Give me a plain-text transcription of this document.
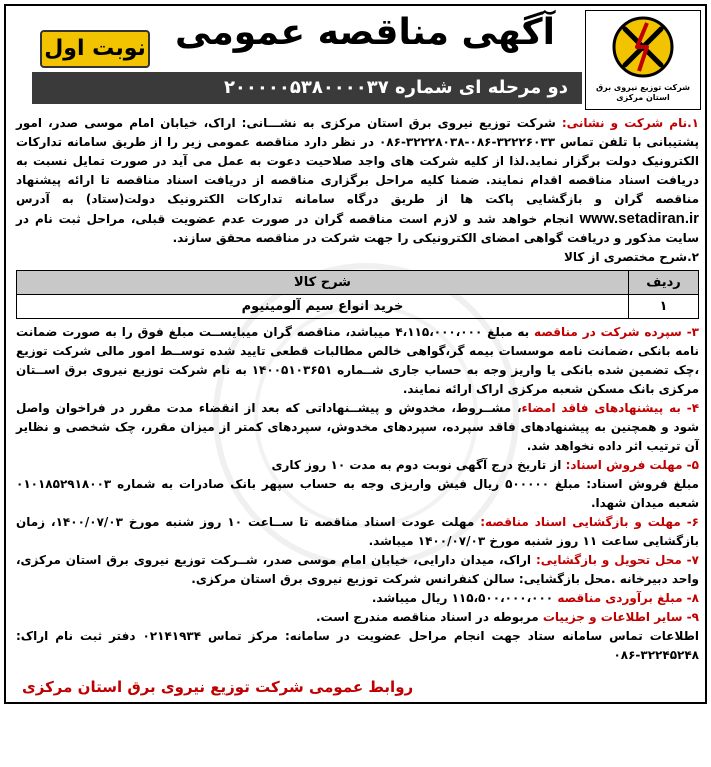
شرکت توزیع نیروی برق
استان مرکزی
آگهی مناقصه عمومی
نوبت اول
دو مرحله ای شماره ۲۰۰۰۰۰۵۳۸۰۰۰۰۳۷

۱.نام شرکت و نشانی: شرکت توزیع نیروی برق استان مرکزی به نشـــانی: اراک، خیابان امام موسی صدر، امور پشتیبانی با تلفن تماس ۳۲۲۲۶۰۳۳-۰۸۶-۳۲۲۲۸۰۳۸-۰۸۶ در نظر دارد مناقصه عمومی زیر را از طریق سامانه تدارکات الکترونیک دولت برگزار نماید.لذا از کلیه شرکت های واجد صلاحیت دعوت به عمل می آید در صورت تمایل نسبت به دریافت اسناد مناقصه اقدام نمایند. ضمنا کلیه مراحل برگزاری مناقصه از دریافت اسناد مناقصه تا ارائه پیشنهاد مناقصه گران و بازگشایی پاکت ها از طریق درگاه سامانه تدارکات الکترونیک دولت(ستاد) به آدرس www.setadiran.ir انجام خواهد شد و لازم است مناقصه گران در صورت عدم عضویت قبلی، مراحل ثبت نام در سایت مذکور و دریافت گواهی امضای الکترونیکی را جهت شرکت در مناقصه محقق سازند.

۲.شرح مختصری از کالا

ردیف	شرح کالا
۱	خرید انواع سیم آلومینیوم

۳- سپرده شرکت در مناقصه به مبلغ ۴،۱۱۵،۰۰۰،۰۰۰ میباشد، مناقصه گران میبایســت مبلغ فوق را به صورت ضمانت نامه بانکی ،ضمانت نامه موسسات بیمه گر،گواهی خالص مطالبات قطعی تایید شده توســط امور مالی شرکت توزیع ،چک تضمین شده بانکی یا واریز وجه به حساب جاری شــماره ۱۴۰۰۵۱۰۳۶۵۱ به نام شرکت توزیع نیروی برق اســتان مرکزی بانک مسکن شعبه مرکزی اراک ارائه نمایند.

۴- به پیشنهادهای فاقد امضاء، مشــروط، مخدوش و پیشــنهاداتی که بعد از انقضاء مدت مقرر در فراخوان واصل شود و همچنین به پیشنهادهای فاقد سپرده، سپردهای مخدوش، سپردهای کمتر از میزان مقرر، چک شخصی و نظایر آن ترتیب اثر داده نخواهد شد.

۵- مهلت فروش اسناد: از تاریخ درج آگهی نوبت دوم به مدت ۱۰ روز کاری

مبلغ فروش اسناد: مبلغ ۵۰۰۰۰۰ ریال فیش واریزی وجه به حساب سپهر بانک صادرات به شماره ۰۱۰۱۸۵۲۹۱۸۰۰۳ شعبه میدان شهدا.

۶- مهلت و بازگشایی اسناد مناقصه: مهلت عودت اسناد مناقصه تا ســاعت ۱۰ روز شنبه مورخ ۱۴۰۰/۰۷/۰۳، زمان بازگشایی ساعت ۱۱ روز شنبه مورخ ۱۴۰۰/۰۷/۰۳ میباشد.

۷- محل تحویل و بازگشایی: اراک، میدان دارایی، خیابان امام موسی صدر، شــرکت توزیع نیروی برق استان مرکزی، واحد دبیرخانه .محل بازگشایی: سالن کنفرانس شرکت توزیع نیروی برق استان مرکزی.

۸- مبلغ برآوردی مناقصه ۱۱۵،۵۰۰،۰۰۰،۰۰۰ ریال میباشد.

۹- سایر اطلاعات و جزییات مربوطه در اسناد مناقصه مندرج است.

اطلاعات تماس سامانه ستاد جهت انجام مراحل عضویت در سامانه: مرکز تماس ۰۲۱۴۱۹۳۴ دفتر ثبت نام اراک: ۳۲۲۴۵۲۴۸-۰۸۶

روابط عمومی شرکت توزیع نیروی برق استان مرکزی
